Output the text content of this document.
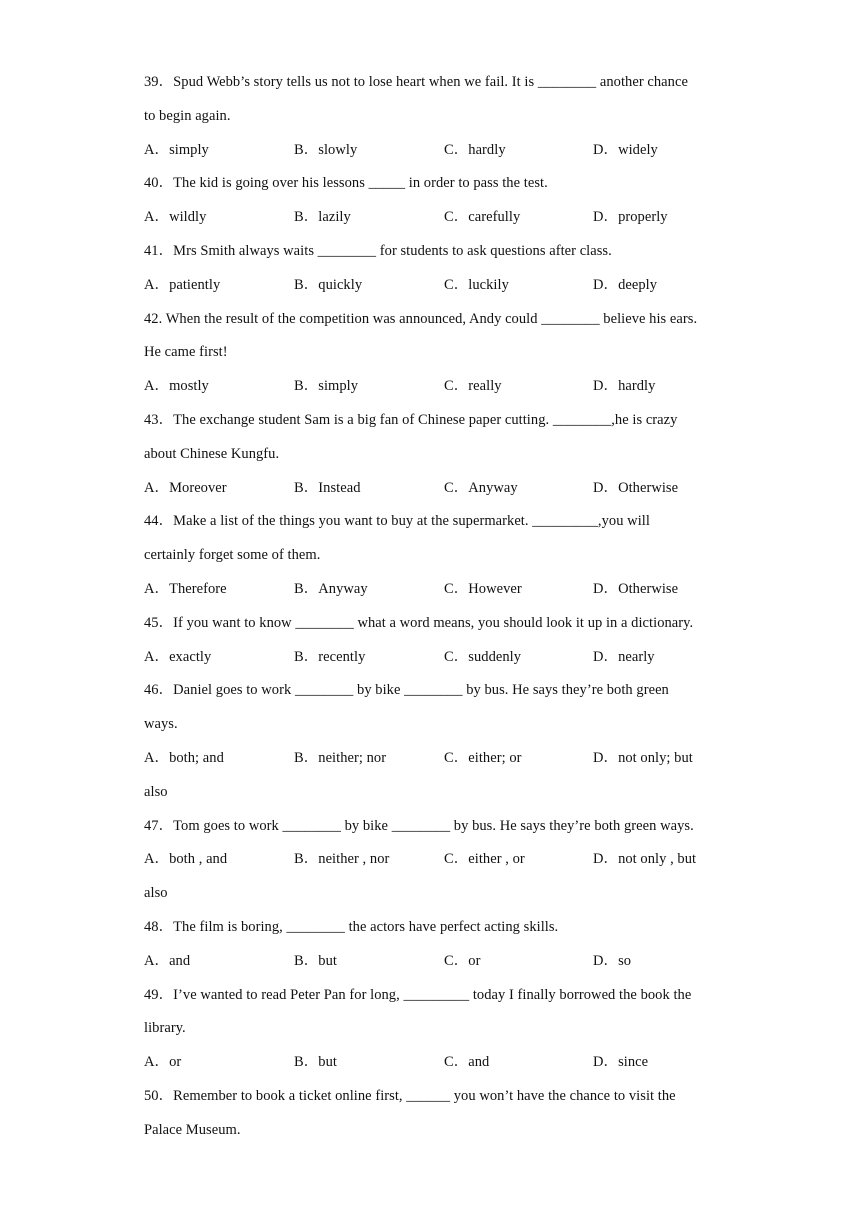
39．Spud Webb’s story tells us not to lose heart when we fail. It is ________ another chance
to begin again.
A．simply	B．slowly	C．hardly	D．widely
40．The kid is going over his lessons _____ in order to pass the test.
A．wildly	B．lazily	C．carefully	D．properly
41．Mrs Smith always waits ________ for students to ask questions after class.
A．patiently	B．quickly	C．luckily	D．deeply
42. When the result of the competition was announced, Andy could ________ believe his ears.
He came first!
A．mostly	B．simply	C．really	D．hardly
43．The exchange student Sam is a big fan of Chinese paper cutting. ________,he is crazy
about Chinese Kungfu.
A．Moreover	B．Instead	C．Anyway	D．Otherwise
44．Make a list of the things you want to buy at the supermarket. _________,you will
certainly forget some of them.
A．Therefore	B．Anyway	C．However	D．Otherwise
45．If you want to know ________ what a word means, you should look it up in a dictionary.
A．exactly	B．recently	C．suddenly	D．nearly
46．Daniel goes to work ________ by bike ________ by bus. He says they’re both green
ways.
A．both; and	B．neither; nor	C．either; or	D．not only; but
also
47．Tom goes to work ________ by bike ________ by bus. He says they’re both green ways.
A．both , and	B．neither , nor	C．either , or	D．not only , but
also
48．The film is boring, ________ the actors have perfect acting skills.
A．and	B．but	C．or	D．so
49．I’ve wanted to read Peter Pan for long, _________ today I finally borrowed the book the
library.
A．or	B．but	C．and	D．since
50．Remember to book a ticket online first, ______ you won’t have the chance to visit the
Palace Museum.
